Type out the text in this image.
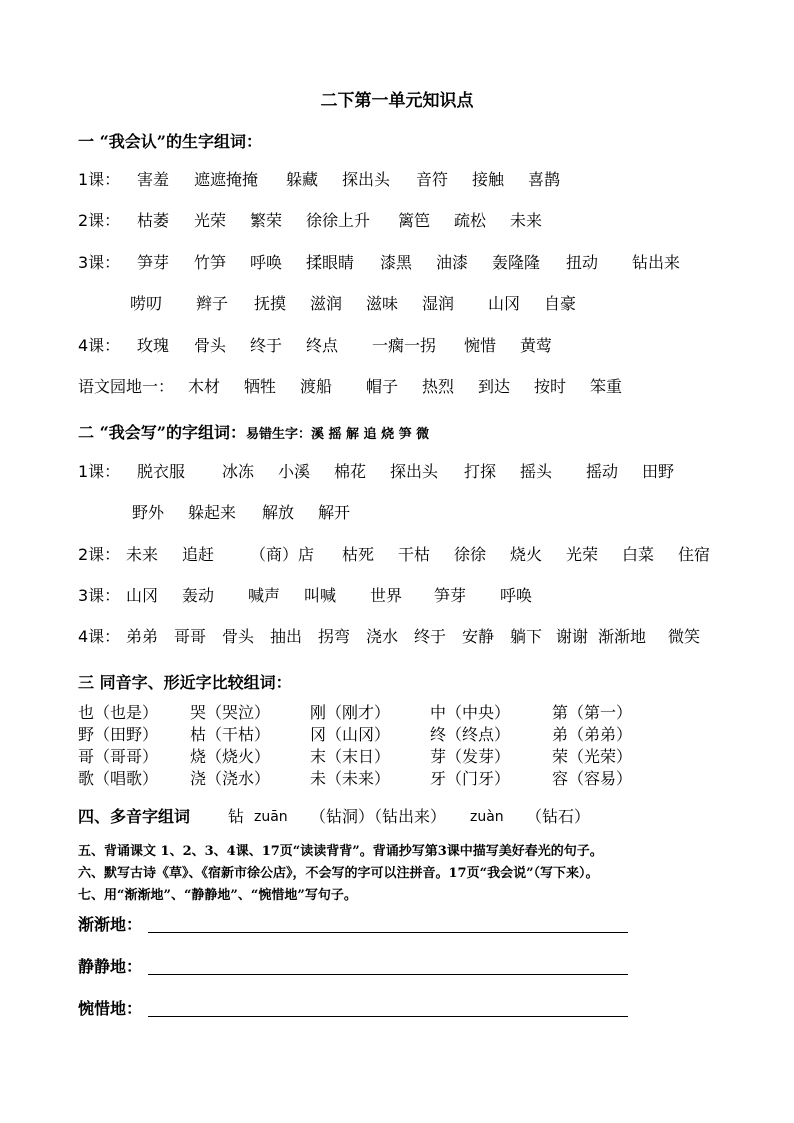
二下第一单元知识点
一 “我会认”的生字组词：
1课： 害羞 遮遮掩掩 躲藏 探出头 音符 接触 喜鹊
2课： 枯萎 光荣 繁荣 徐徐上升 篱笆 疏松 未来
3课： 笋芽 竹笋 呼唤 揉眼睛 漆黑 油漆 轰隆隆 扭动 钻出来
唠叨 辫子 抚摸 滋润 滋味 湿润 山冈 自豪
4课： 玫瑰 骨头 终于 终点 一瘸一拐 惋惜 黄莺
语文园地一： 木材 牺牲 渡船 帽子 热烈 到达 按时 笨重
二 “我会写”的字组词：易错生字：溪 摇 解 追 烧 笋 微
1课： 脱衣服 冰冻 小溪 棉花 探出头 打探 摇头 摇动 田野
野外 躲起来 解放 解开
2课： 未来 追赶 （商）店 枯死 干枯 徐徐 烧火 光荣 白菜 住宿
3课： 山冈 轰动 喊声 叫喊 世界 笋芽 呼唤
4课： 弟弟 哥哥 骨头 抽出 拐弯 浇水 终于 安静 躺下 谢谢 渐渐地 微笑
三 同音字、形近字比较组词：
也（也是）
野（田野）
哥（哥哥）
歌（唱歌）
哭（哭泣）
枯（干枯）
烧（烧火）
浇（浇水）
刚（刚才）
冈（山冈）
末（末日）
未（未来）
中（中央）
终（终点）
芽（发芽）
牙（门牙）
第（第一）
弟（弟弟）
荣（光荣）
容（容易）
四、多音字组词 钻 zuān （钻洞）（钻出来） zuàn （钻石）
五、背诵课文 1、2、3、4课、17页“读读背背”。背诵抄写第3课中描写美好春光的句子。
六、默写古诗《草》、《宿新市徐公店》，不会写的字可以注拼音。17页“我会说”（写下来）。
七、用“渐渐地”、“静静地”、“惋惜地”写句子。
渐渐地：
静静地：
惋惜地：
